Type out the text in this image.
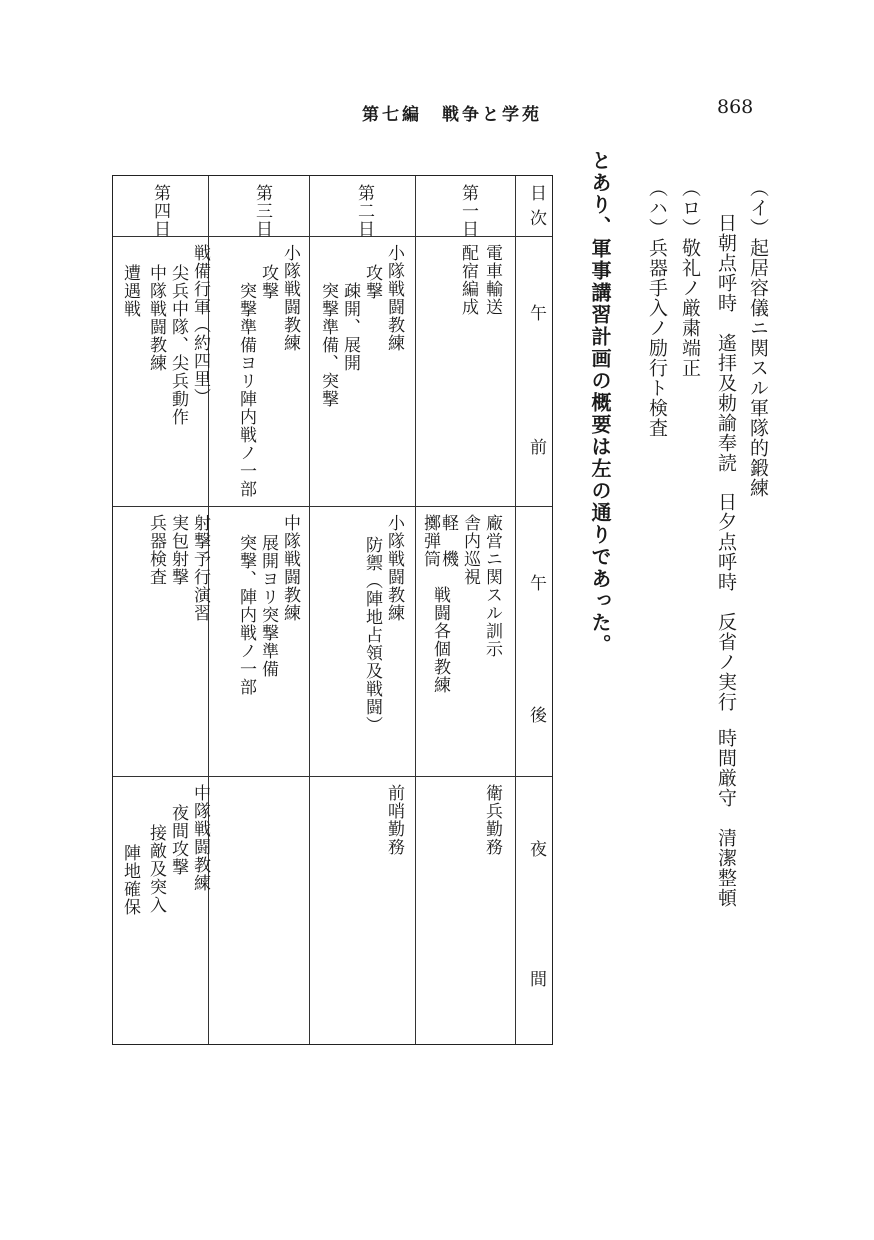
第七編　戦争と学苑	868
（イ）起居容儀ニ関スル軍隊的鍛練
日朝点呼時　遙拝及勅諭奉読
日夕点呼時　反省ノ実行
時間厳守
清潔整頓
（ロ）敬礼ノ厳粛端正
（ハ）兵器手入ノ励行ト検査
とあり、軍事講習計画の概要は左の通りであった。
日次
午
前
午
後
夜
間
第一日
電車輸送
配宿編成
廠営ニ関スル訓示
舎内巡視
軽　機
擲弾筒
戦闘各個教練
衛兵勤務
第二日
小隊戦闘教練
攻撃
疎開、展開
突撃準備、突撃
小隊戦闘教練
防禦（陣地占領及戦闘）
前哨勤務
第三日
小隊戦闘教練
攻撃
突撃準備ヨリ陣内戦ノ一部
中隊戦闘教練
展開ヨリ突撃準備
突撃、陣内戦ノ一部
第四日
戦備行軍（約四里）
尖兵中隊、尖兵動作
中隊戦闘教練
遭遇戦
射撃予行演習
実包射撃
兵器検査
中隊戦闘教練
夜間攻撃
接敵及突入
陣地確保
